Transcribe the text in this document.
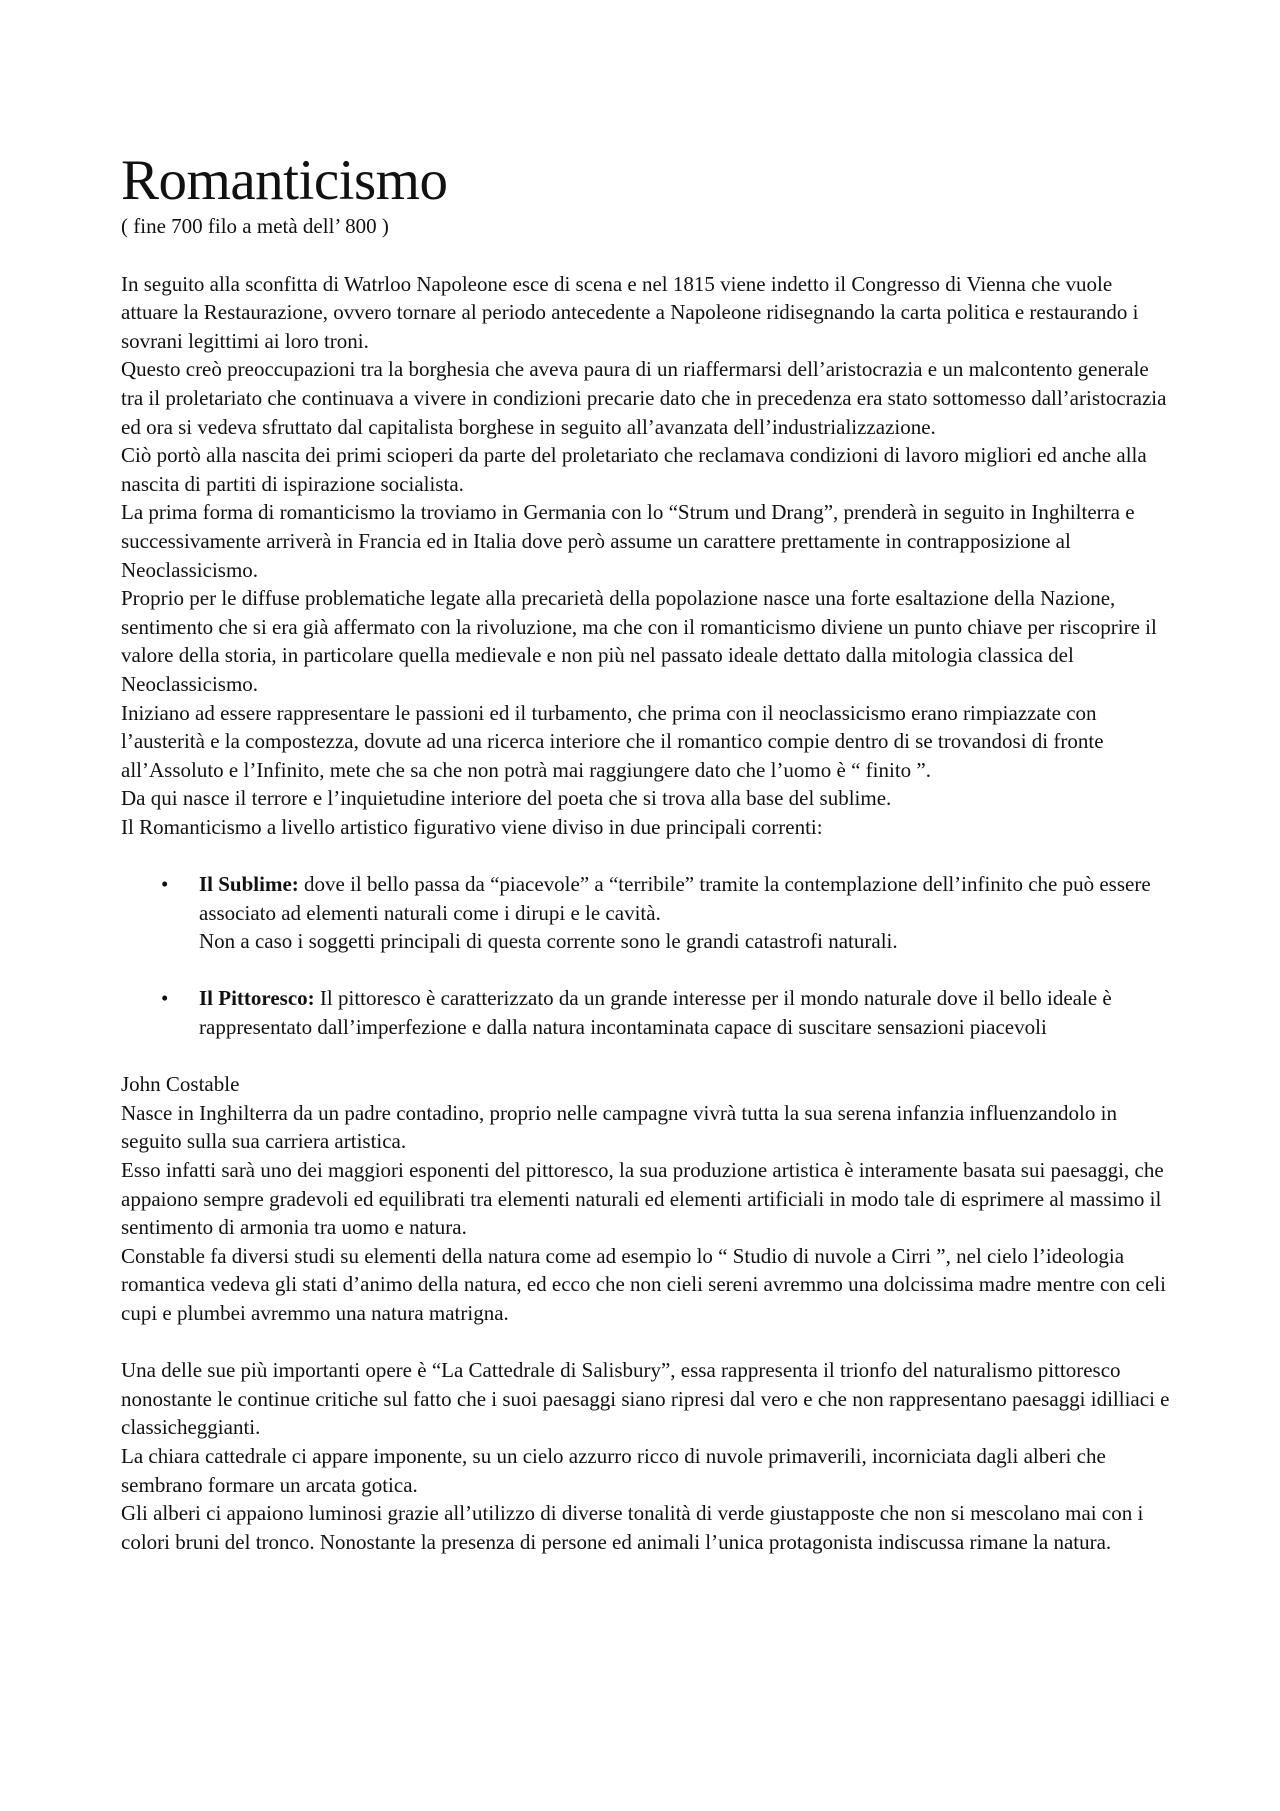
Romanticismo

( fine 700 filo a metà dell’ 800 )

In seguito alla sconfitta di Watrloo Napoleone esce di scena e nel 1815 viene indetto il Congresso di Vienna che vuole attuare la Restaurazione, ovvero tornare al periodo antecedente a Napoleone ridisegnando la carta politica e restaurando i sovrani legittimi ai loro troni.

Questo creò preoccupazioni tra la borghesia che aveva paura di un riaffermarsi dell’aristocrazia e un malcontento generale tra il proletariato che continuava a vivere in condizioni precarie dato che in precedenza era stato sottomesso dall’aristocrazia ed ora si vedeva sfruttato dal capitalista borghese in seguito all’avanzata dell’industrializzazione.

Ciò portò alla nascita dei primi scioperi da parte del proletariato che reclamava condizioni di lavoro migliori ed anche alla nascita di partiti di ispirazione socialista.

La prima forma di romanticismo la troviamo in Germania con lo “Strum und Drang”, prenderà in seguito in Inghilterra e successivamente arriverà in Francia ed in Italia dove però assume un carattere prettamente in contrapposizione al Neoclassicismo.

Proprio per le diffuse problematiche legate alla precarietà della popolazione nasce una forte esaltazione della Nazione, sentimento che si era già affermato con la rivoluzione, ma che con il romanticismo diviene un punto chiave per riscoprire il valore della storia, in particolare quella medievale e non più nel passato ideale dettato dalla mitologia classica del Neoclassicismo.

Iniziano ad essere rappresentare le passioni ed il turbamento, che prima con il neoclassicismo erano rimpiazzate con l’austerità e la compostezza, dovute ad una ricerca interiore che il romantico compie dentro di se trovandosi di fronte all’Assoluto e l’Infinito, mete che sa che non potrà mai raggiungere dato che l’uomo è “ finito ”.

Da qui nasce il terrore e l’inquietudine interiore del poeta che si trova alla base del sublime.

Il Romanticismo a livello artistico figurativo viene diviso in due principali correnti:

• Il Sublime: dove il bello passa da “piacevole” a “terribile” tramite la contemplazione dell’infinito che può essere associato ad elementi naturali come i dirupi e le cavità.
Non a caso i soggetti principali di questa corrente sono le grandi catastrofi naturali.
• Il Pittoresco: Il pittoresco è caratterizzato da un grande interesse per il mondo naturale dove il bello ideale è rappresentato dall’imperfezione e dalla natura incontaminata capace di suscitare sensazioni piacevoli

John Costable

Nasce in Inghilterra da un padre contadino, proprio nelle campagne vivrà tutta la sua serena infanzia influenzandolo in seguito sulla sua carriera artistica.

Esso infatti sarà uno dei maggiori esponenti del pittoresco, la sua produzione artistica è interamente basata sui paesaggi, che appaiono sempre gradevoli ed equilibrati tra elementi naturali ed elementi artificiali in modo tale di esprimere al massimo il sentimento di armonia tra uomo e natura.

Constable fa diversi studi su elementi della natura come ad esempio lo “ Studio di nuvole a Cirri ”, nel cielo l’ideologia romantica vedeva gli stati d’animo della natura, ed ecco che non cieli sereni avremmo una dolcissima madre mentre con celi cupi e plumbei avremmo una natura matrigna.

Una delle sue più importanti opere è “La Cattedrale di Salisbury”, essa rappresenta il trionfo del naturalismo pittoresco nonostante le continue critiche sul fatto che i suoi paesaggi siano ripresi dal vero e che non rappresentano paesaggi idilliaci e classicheggianti.

La chiara cattedrale ci appare imponente, su un cielo azzurro ricco di nuvole primaverili, incorniciata dagli alberi che sembrano formare un arcata gotica.

Gli alberi ci appaiono luminosi grazie all’utilizzo di diverse tonalità di verde giustapposte che non si mescolano mai con i colori bruni del tronco. Nonostante la presenza di persone ed animali l’unica protagonista indiscussa rimane la natura.
